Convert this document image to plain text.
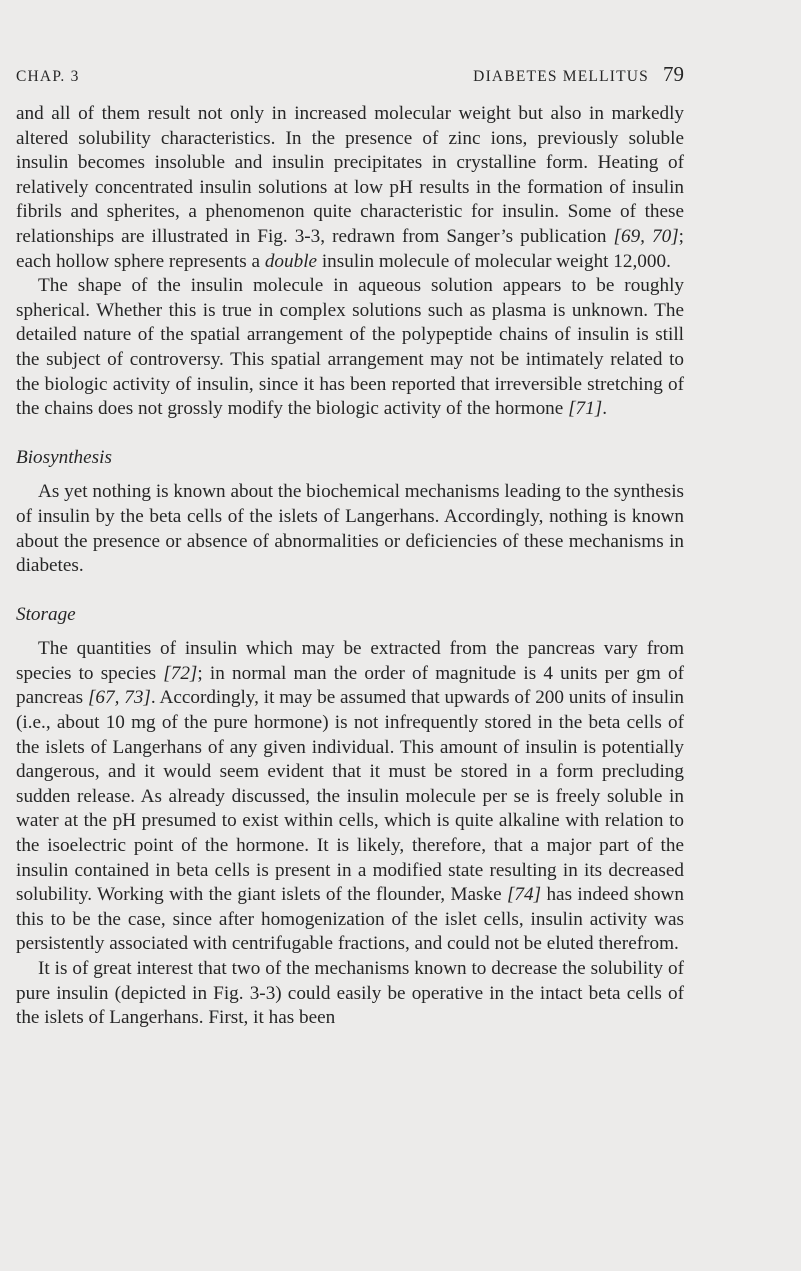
CHAP. 3	DIABETES MELLITUS 79

and all of them result not only in increased molecular weight but also in markedly altered solubility characteristics. In the presence of zinc ions, previously soluble insulin becomes insoluble and insulin precipitates in crystalline form. Heating of relatively concentrated insulin solutions at low pH results in the formation of insulin fibrils and spherites, a phenomenon quite characteristic for insulin. Some of these relationships are illustrated in Fig. 3-3, redrawn from Sanger’s publication [69, 70]; each hollow sphere represents a double insulin molecule of molecular weight 12,000.

The shape of the insulin molecule in aqueous solution appears to be roughly spherical. Whether this is true in complex solutions such as plasma is unknown. The detailed nature of the spatial arrangement of the polypeptide chains of insulin is still the subject of controversy. This spatial arrangement may not be intimately related to the biologic activity of insulin, since it has been reported that irreversible stretching of the chains does not grossly modify the biologic activity of the hormone [71].

Biosynthesis

As yet nothing is known about the biochemical mechanisms leading to the synthesis of insulin by the beta cells of the islets of Langerhans. Accordingly, nothing is known about the presence or absence of abnormalities or deficiencies of these mechanisms in diabetes.

Storage

The quantities of insulin which may be extracted from the pancreas vary from species to species [72]; in normal man the order of magnitude is 4 units per gm of pancreas [67, 73]. Accordingly, it may be assumed that upwards of 200 units of insulin (i.e., about 10 mg of the pure hormone) is not infrequently stored in the beta cells of the islets of Langerhans of any given individual. This amount of insulin is potentially dangerous, and it would seem evident that it must be stored in a form precluding sudden release. As already discussed, the insulin molecule per se is freely soluble in water at the pH presumed to exist within cells, which is quite alkaline with relation to the isoelectric point of the hormone. It is likely, therefore, that a major part of the insulin contained in beta cells is present in a modified state resulting in its decreased solubility. Working with the giant islets of the flounder, Maske [74] has indeed shown this to be the case, since after homogenization of the islet cells, insulin activity was persistently associated with centrifugable fractions, and could not be eluted therefrom.

It is of great interest that two of the mechanisms known to decrease the solubility of pure insulin (depicted in Fig. 3-3) could easily be operative in the intact beta cells of the islets of Langerhans. First, it has been
